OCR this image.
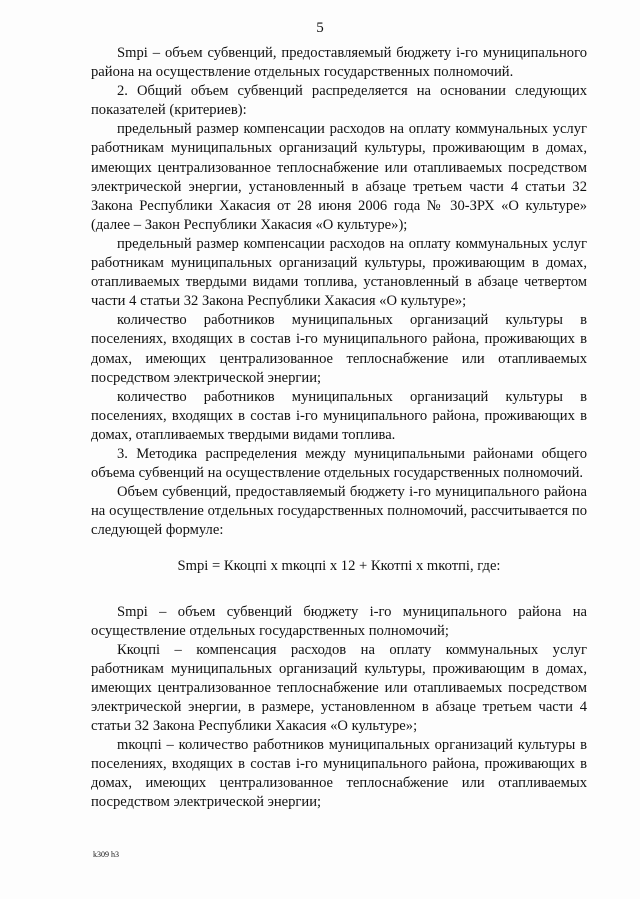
5

Smpi – объем субвенций, предоставляемый бюджету і-го муниципального района на осуществление отдельных государственных полномочий.

2. Общий объем субвенций распределяется на основании следующих показателей (критериев):

предельный размер компенсации расходов на оплату коммунальных услуг работникам муниципальных организаций культуры, проживающим в домах, имеющих централизованное теплоснабжение или отапливаемых посредством электрической энергии, установленный в абзаце третьем части 4 статьи 32 Закона Республики Хакасия от 28 июня 2006 года № 30-ЗРХ «О культуре» (далее – Закон Республики Хакасия «О культуре»);

предельный размер компенсации расходов на оплату коммунальных услуг работникам муниципальных организаций культуры, проживающим в домах, отапливаемых твердыми видами топлива, установленный в абзаце четвертом части 4 статьи 32 Закона Республики Хакасия «О культуре»;

количество работников муниципальных организаций культуры в поселениях, входящих в состав і-го муниципального района, проживающих в домах, имеющих централизованное теплоснабжение или отапливаемых посредством электрической энергии;

количество работников муниципальных организаций культуры в поселениях, входящих в состав і-го муниципального района, проживающих в домах, отапливаемых твердыми видами топлива.

3. Методика распределения между муниципальными районами общего объема субвенций на осуществление отдельных государственных полномочий.

Объем субвенций, предоставляемый бюджету і-го муниципального района на осуществление отдельных государственных полномочий, рассчитывается по следующей формуле:

Smpi = Ккоцпі x mкоцпі x 12 + Ккотпі x mкотпі, где:

Smpi – объем субвенций бюджету і-го муниципального района на осуществление отдельных государственных полномочий;

Ккоцпі – компенсация расходов на оплату коммунальных услуг работникам муниципальных организаций культуры, проживающим в домах, имеющих централизованное теплоснабжение или отапливаемых посредством электрической энергии, в размере, установленном в абзаце третьем части 4 статьи 32 Закона Республики Хакасия «О культуре»;

mкоцпі – количество работников муниципальных организаций культуры в поселениях, входящих в состав і-го муниципального района, проживающих в домах, имеющих централизованное теплоснабжение или отапливаемых посредством электрической энергии;

k309 h3
